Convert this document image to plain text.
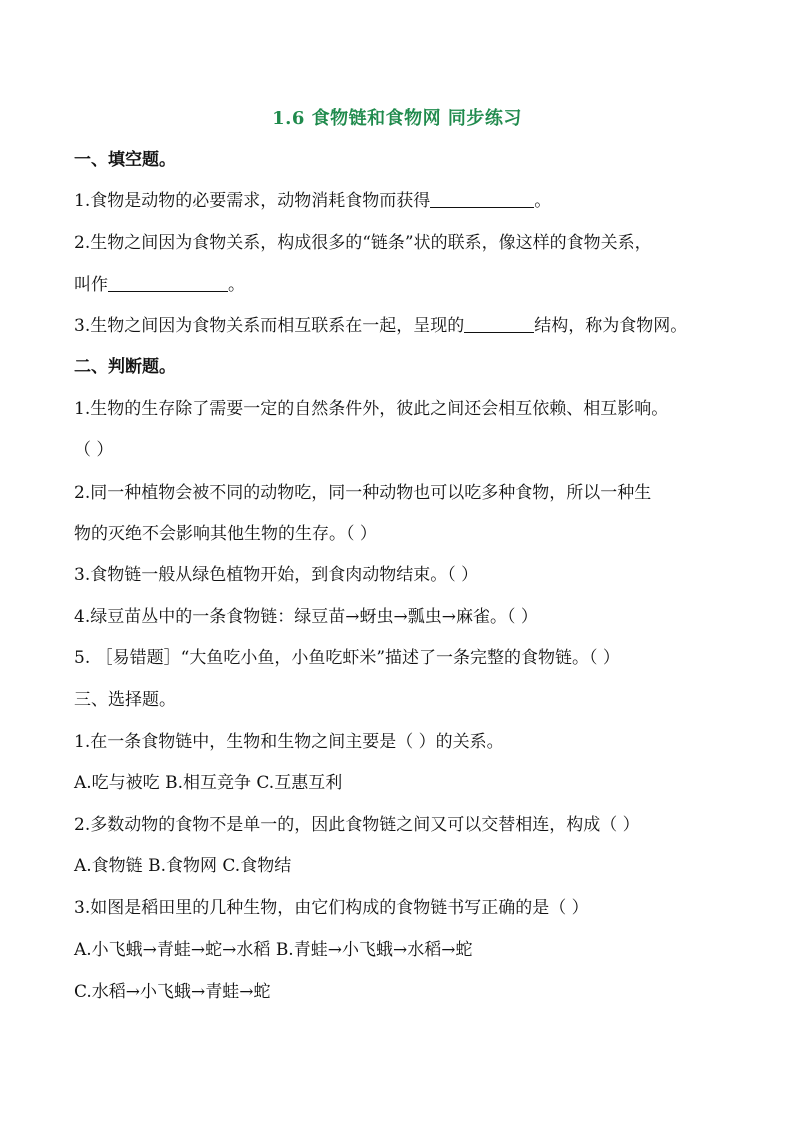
1.6 食物链和食物网 同步练习
一、填空题。
1.食物是动物的必要需求，动物消耗食物而获得	。
2.生物之间因为食物关系，构成很多的“链条”状的联系，像这样的食物关系，
叫作	。
3.生物之间因为食物关系而相互联系在一起，呈现的	结构，称为食物网。
二、判断题。
1.生物的生存除了需要一定的自然条件外，彼此之间还会相互依赖、相互影响。
（ ）
2.同一种植物会被不同的动物吃，同一种动物也可以吃多种食物，所以一种生
物的灭绝不会影响其他生物的生存。（ ）
3.食物链一般从绿色植物开始，到食肉动物结束。（ ）
4.绿豆苗丛中的一条食物链：绿豆苗→蚜虫→瓢虫→麻雀。（ ）
5. ［易错题］“大鱼吃小鱼，小鱼吃虾米”描述了一条完整的食物链。（ ）
三、选择题。
1.在一条食物链中，生物和生物之间主要是（ ）的关系。
A.吃与被吃 B.相互竞争 C.互惠互利
2.多数动物的食物不是单一的，因此食物链之间又可以交替相连，构成（ ）
A.食物链 B.食物网 C.食物结
3.如图是稻田里的几种生物，由它们构成的食物链书写正确的是（ ）
A.小飞蛾→青蛙→蛇→水稻 B.青蛙→小飞蛾→水稻→蛇
C.水稻→小飞蛾→青蛙→蛇
